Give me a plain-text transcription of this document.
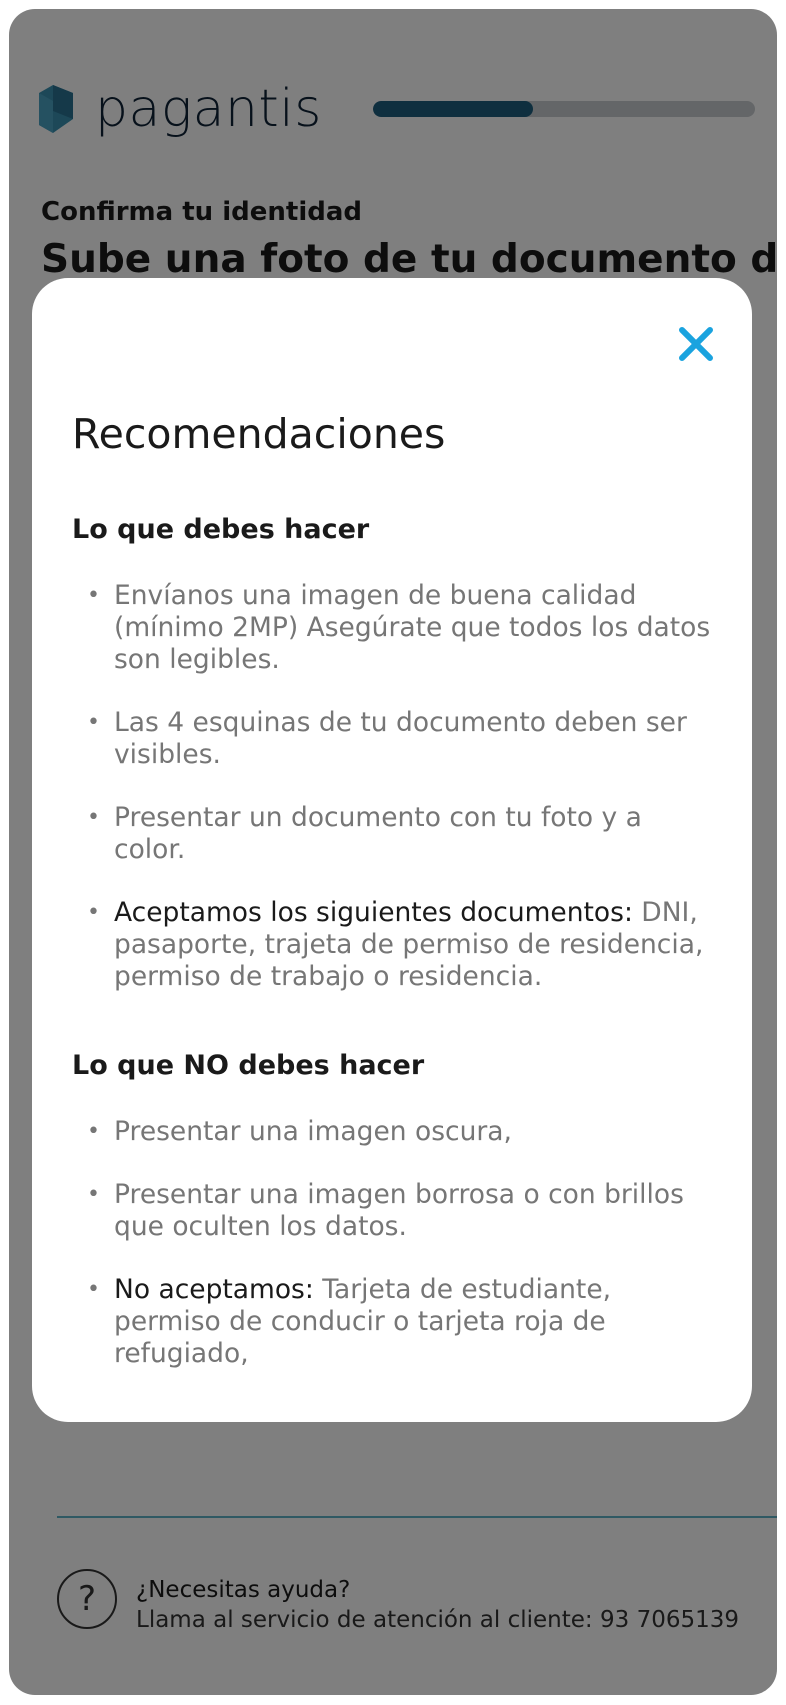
Recomendaciones
Lo que debes hacer
• Envíanos una imagen de buena calidad (mínimo 2MP) Asegúrate que todos los datos son legibles.
• Las 4 esquinas de tu documento deben ser visibles.
• Presentar un documento con tu foto y a color.
• Aceptamos los siguientes documentos: DNI, pasaporte, trajeta de permiso de residencia, permiso de trabajo o residencia.
Lo que NO debes hacer
• Presentar una imagen oscura,
• Presentar una imagen borrosa o con brillos que oculten los datos.
• No aceptamos: Tarjeta de estudiante, permiso de conducir o tarjeta roja de refugiado,
